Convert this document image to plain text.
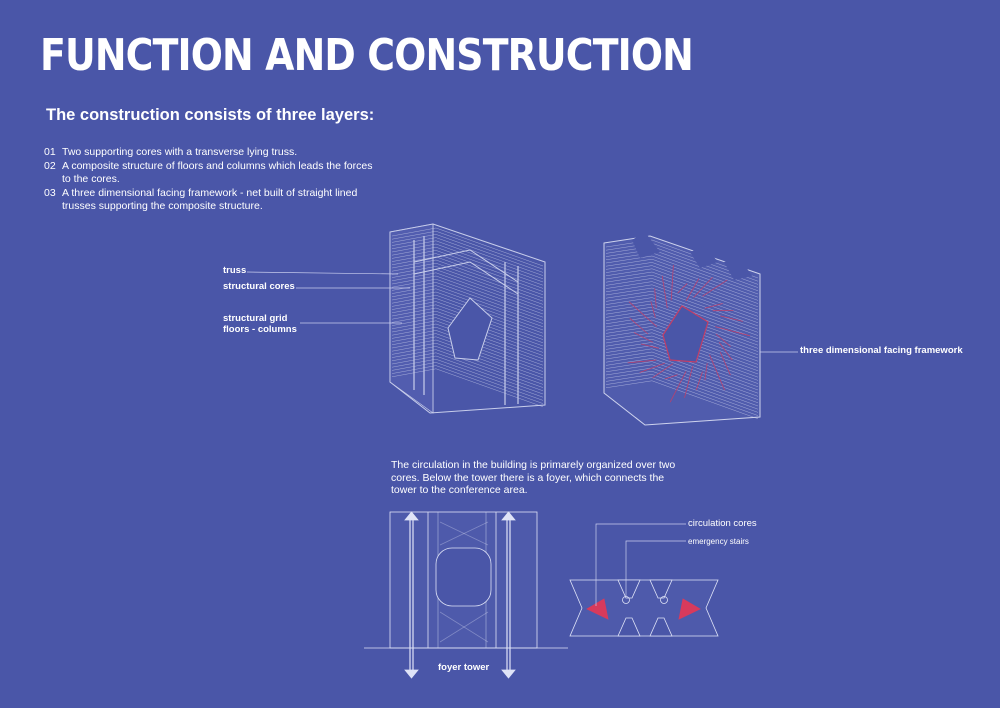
FUNCTION AND CONSTRUCTION
The construction consists of three layers:
01 Two supporting cores with a transverse lying truss.
02 A composite structure of floors and columns which leads the forces to the cores.
03 A three dimensional facing framework - net built of straight lined trusses supporting the composite structure.
truss
structural cores
structural grid
floors - columns
three dimensional facing framework

The circulation in the building is primarely organized over two cores. Below the tower there is a foyer, which connects the tower to the conference area.

circulation cores
emergency stairs
foyer tower
